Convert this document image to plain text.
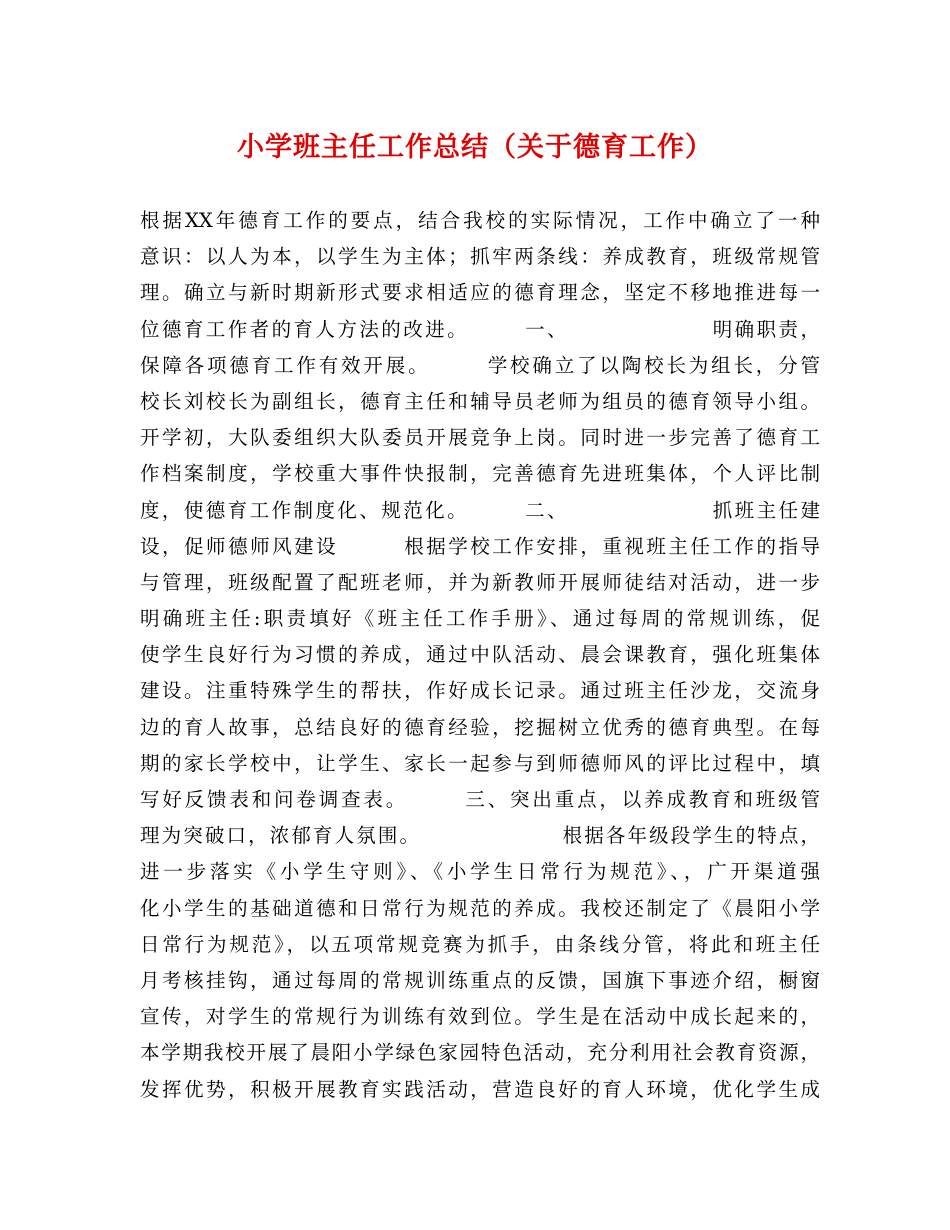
小学班主任工作总结（关于德育工作）
根据XX年德育工作的要点，结合我校的实际情况，工作中确立了一种
意识：以人为本，以学生为主体；抓牢两条线：养成教育，班级常规管
理。确立与新时期新形式要求相适应的德育理念，坚定不移地推进每一
位德育工作者的育人方法的改进。　　　一、　　　　　　　明确职责，
保障各项德育工作有效开展。　　　学校确立了以陶校长为组长，分管
校长刘校长为副组长，德育主任和辅导员老师为组员的德育领导小组。
开学初，大队委组织大队委员开展竞争上岗。同时进一步完善了德育工
作档案制度，学校重大事件快报制，完善德育先进班集体，个人评比制
度，使德育工作制度化、规范化。　　　二、　　　　　　　抓班主任建
设，促师德师风建设　　　根据学校工作安排，重视班主任工作的指导
与管理，班级配置了配班老师，并为新教师开展师徒结对活动，进一步
明确班主任:职责填好《班主任工作手册》、通过每周的常规训练，促
使学生良好行为习惯的养成，通过中队活动、晨会课教育，强化班集体
建设。注重特殊学生的帮扶，作好成长记录。通过班主任沙龙，交流身
边的育人故事，总结良好的德育经验，挖掘树立优秀的德育典型。在每
期的家长学校中，让学生、家长一起参与到师德师风的评比过程中，填
写好反馈表和问卷调查表。　　　三、突出重点，以养成教育和班级管
理为突破口，浓郁育人氛围。　　　　　　　根据各年级段学生的特点，
进一步落实《小学生守则》、《小学生日常行为规范》、，广开渠道强
化小学生的基础道德和日常行为规范的养成。我校还制定了《晨阳小学
日常行为规范》，以五项常规竞赛为抓手，由条线分管，将此和班主任
月考核挂钩，通过每周的常规训练重点的反馈，国旗下事迹介绍，橱窗
宣传，对学生的常规行为训练有效到位。学生是在活动中成长起来的，
本学期我校开展了晨阳小学绿色家园特色活动，充分利用社会教育资源，
发挥优势，积极开展教育实践活动，营造良好的育人环境，优化学生成
